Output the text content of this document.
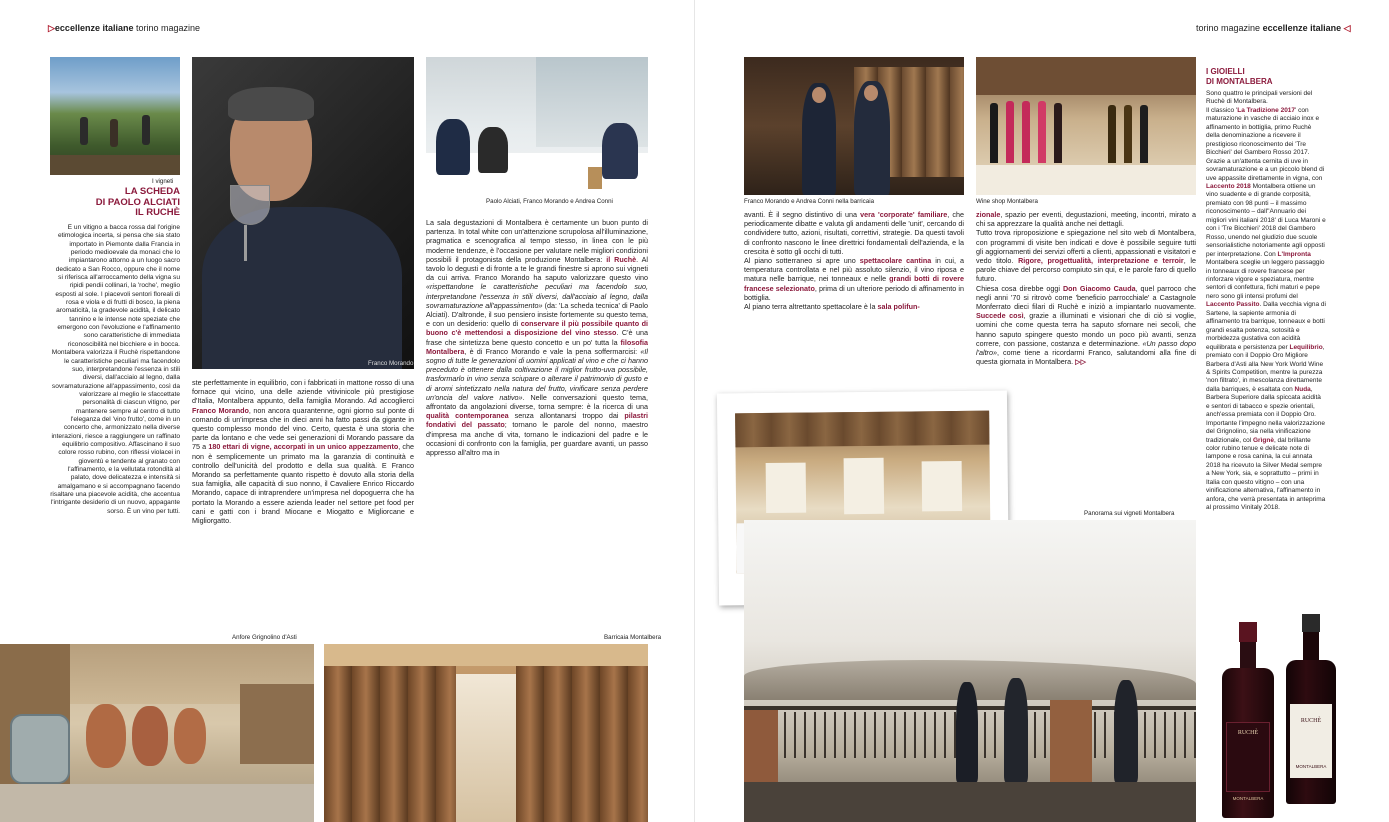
▷eccellenze italiane torino magazine
I vigneti
LA SCHEDA
DI PAOLO ALCIATI
IL RUCHÈ
È un vitigno a bacca rossa dal l'origine etimologica incerta, si pensa che sia stato importato in Piemonte dalla Francia in periodo medioevale da monaci che lo impiantarono attorno a un luogo sacro dedicato a San Rocco, oppure che il nome si riferisca all'arroccamento della vigna su ripidi pendii collinari, la 'roche', meglio esposti al sole. I piacevoli sentori floreali di rosa e viola e di frutti di bosco, la piena aromaticità, la gradevole acidità, il delicato tannino e le intense note speziate che emergono con l'evoluzione e l'affinamento sono caratteristiche di immediata riconoscibilità nel bicchiere e in bocca. Montalbera valorizza il Ruchè rispettandone le caratteristiche peculiari ma facendolo suo, interpretandone l'essenza in stili diversi, dall'acciaio al legno, dalla sovramaturazione all'appassimento, così da valorizzare al meglio le sfaccettate personalità di ciascun vitigno, per mantenere sempre al centro di tutto l'eleganza del 'vino frutto', come in un concerto che, armonizzato nella diverse interazioni, riesce a raggiungere un raffinato equilibrio compositivo. Affascinano il suo colore rosso rubino, con riflessi violacei in gioventù e tendente al granato con l'affinamento, e la vellutata rotondità al palato, dove delicatezza e intensità si amalgamano e si accompagnano facendo risaltare una piacevole acidità, che accentua l'intrigante desiderio di un nuovo, appagante sorso. È un vino per tutti.
Franco Morando
Paolo Alciati, Franco Morando e Andrea Conni
ste perfettamente in equilibrio, con i fabbricati in mattone rosso di una fornace qui vicino, una delle aziende vitivinicole più prestigiose d'Italia, Montalbera appunto, della famiglia Morando. Ad accoglierci Franco Morando, non ancora quarantenne, ogni giorno sul ponte di comando di un'impresa che in dieci anni ha fatto passi da gigante in questo complesso mondo del vino. Certo, questa è una storia che parte da lontano e che vede sei generazioni di Morando passare da 75 a 180 ettari di vigne, accorpati in un unico appezzamento, che non è semplicemente un primato ma la garanzia di continuità e controllo dell'unicità del prodotto e della sua qualità. E Franco Morando sa perfettamente quanto rispetto è dovuto alla storia della sua famiglia, alle capacità di suo nonno, il Cavaliere Enrico Riccardo Morando, capace di intraprendere un'impresa nel dopoguerra che ha portato la Morando a essere azienda leader nel settore pet food per cani e gatti con i brand Miocane e Miogatto e Migliorcane e Migliorgatto.
La sala degustazioni di Montalbera è certamente un buon punto di partenza. In total white con un'attenzione scrupolosa all'illuminazione, pragmatica e scenografica al tempo stesso, in linea con le più moderne tendenze, è l'occasione per valutare nelle migliori condizioni possibili il protagonista della produzione Montalbera: il Ruchè. Al tavolo lo degusti e di fronte a te le grandi finestre si aprono sui vigneti da cui arriva. Franco Morando ha saputo valorizzare questo vino «rispettandone le caratteristiche peculiari ma facendolo suo, interpretandone l'essenza in stili diversi, dall'acciaio al legno, dalla sovramaturazione all'appassimento» (da: 'La scheda tecnica' di Paolo Alciati). D'altronde, il suo pensiero insiste fortemente su questo tema, e con un desiderio: quello di conservare il più possibile quanto di buono c'è mettendosi a disposizione del vino stesso. C'è una frase che sintetizza bene questo concetto e un po' tutta la filosofia Montalbera, è di Franco Morando e vale la pena soffermarcisi: «Il sogno di tutte le generazioni di uomini applicati al vino e che ci hanno preceduto è ottenere dalla coltivazione il miglior frutto-uva possibile, trasformarlo in vino senza sciupare o alterare il patrimonio di gusto e di aromi sintetizzato nella natura del frutto, vinificare senza perdere un'oncia del valore nativo». Nelle conversazioni questo tema, affrontato da angolazioni diverse, torna sempre: è la ricerca di una qualità contemporanea senza allontanarsi troppo dai pilastri fondativi del passato; tornano le parole del nonno, maestro d'impresa ma anche di vita, tornano le indicazioni del padre e le occasioni di confronto con la famiglia, per guardare avanti, un passo appresso all'altro ma in
Anfore Grignolino d'Asti	Barricaia Montalbera
torino magazine eccellenze italiane ◁
Franco Morando e Andrea Conni nella barricaia	Wine shop Montalbera
avanti. È il segno distintivo di una vera 'corporate' familiare, che periodicamente dibatte e valuta gli andamenti delle 'unit', cercando di condividere tutto, azioni, risultati, correttivi, strategie. Da questi tavoli di confronto nascono le linee direttrici fondamentali dell'azienda, e la crescita è sotto gli occhi di tutti.
Al piano sotterraneo si apre uno spettacolare cantina in cui, a temperatura controllata e nel più assoluto silenzio, il vino riposa e matura nelle barrique, nei tonneaux e nelle grandi botti di rovere francese selezionato, prima di un ulteriore periodo di affinamento in bottiglia.
Al piano terra altrettanto spettacolare è la sala polifun-
zionale, spazio per eventi, degustazioni, meeting, incontri, mirato a chi sa apprezzare la qualità anche nei dettagli.
Tutto trova riproposizione e spiegazione nel sito web di Montalbera, con programmi di visite ben indicati e dove è possibile seguire tutti gli aggiornamenti dei servizi offerti a clienti, appassionati e visitatori e vedo titolo. Rigore, progettualità, interpretazione e terroir, le parole chiave del percorso compiuto sin qui, e le parole faro di quello futuro.
Chiesa cosa direbbe oggi Don Giacomo Cauda, quel parroco che negli anni '70 si ritrovò come 'beneficio parrocchiale' a Castagnole Monferrato dieci filari di Ruchè e iniziò a impiantarlo nuovamente. Succede così, grazie a illuminati e visionari che di ciò si voglie, uomini che come questa terra ha saputo sfornare nei secoli, che hanno saputo spingere questo mondo un poco più avanti, senza correre, con passione, costanza e determinazione. «Un passo dopo l'altro», come tiene a ricordarmi Franco, salutandomi alla fine di questa giornata in Montalbera. ▷▷
Panorama sui vigneti Montalbera
I GIOIELLI
DI MONTALBERA
Sono quattro le principali versioni del Ruchè di Montalbera.
Il classico 'La Tradizione 2017' con maturazione in vasche di acciaio inox e affinamento in bottiglia, primo Ruchè della denominazione a ricevere il prestigioso riconoscimento dei 'Tre Bicchieri' del Gambero Rosso 2017. Grazie a un'attenta cernita di uve in sovramaturazione e a un piccolo blend di uve appassite direttamente in vigna, con Laccento 2018 Montalbera ottiene un vino suadente e di grande corposità, premiato con 98 punti – il massimo riconoscimento – dall''Annuario dei migliori vini italiani 2018' di Luca Maroni e con i 'Tre Bicchieri' 2018 del Gambero Rosso, unendo nel giudizio due scuole sensorialistiche notoriamente agli opposti per interpretazione. Con L'Impronta Montalbera sceglie un leggero passaggio in tonneaux di rovere francese per rinforzare vigore e speziatura, mentre sentori di confettura, fichi maturi e pepe nero sono gli intensi profumi del Laccento Passito. Dalla vecchia vigna di Sartene, la sapiente armonia di affinamento tra barrique, tonneaux e botti grandi esalta potenza, sotosità e morbidezza gustativa con acidità equilibrata e persistenza per Lequilibrio, premiato con il Doppio Oro Migliore Barbera d'Asti alla New York World Wine & Spirits Competition, mentre la purezza 'non filtrato', in mescolanza direttamente dalla barriques, è esaltata con Nuda, Barbera Superiore dalla spiccata acidità e sentori di tabacco e spezie orientali, anch'essa premiata con il Doppio Oro. Importante l'impegno nella valorizzazione del Grignolino, sia nella vinificazione tradizionale, col Grìgnè, dal brillante color rubino tenue e delicate note di lampone e rosa canina, la cui annata 2018 ha ricevuto la Silver Medal sempre a New York, sia, e soprattutto – primi in Italia con questo vitigno – con una vinificazione alternativa, l'affinamento in anfora, che verrà presentata in anteprima al prossimo Vinitaly 2018.
RUCHÈ
MONTALBERA
RUCHÈ
MONTALBERA
